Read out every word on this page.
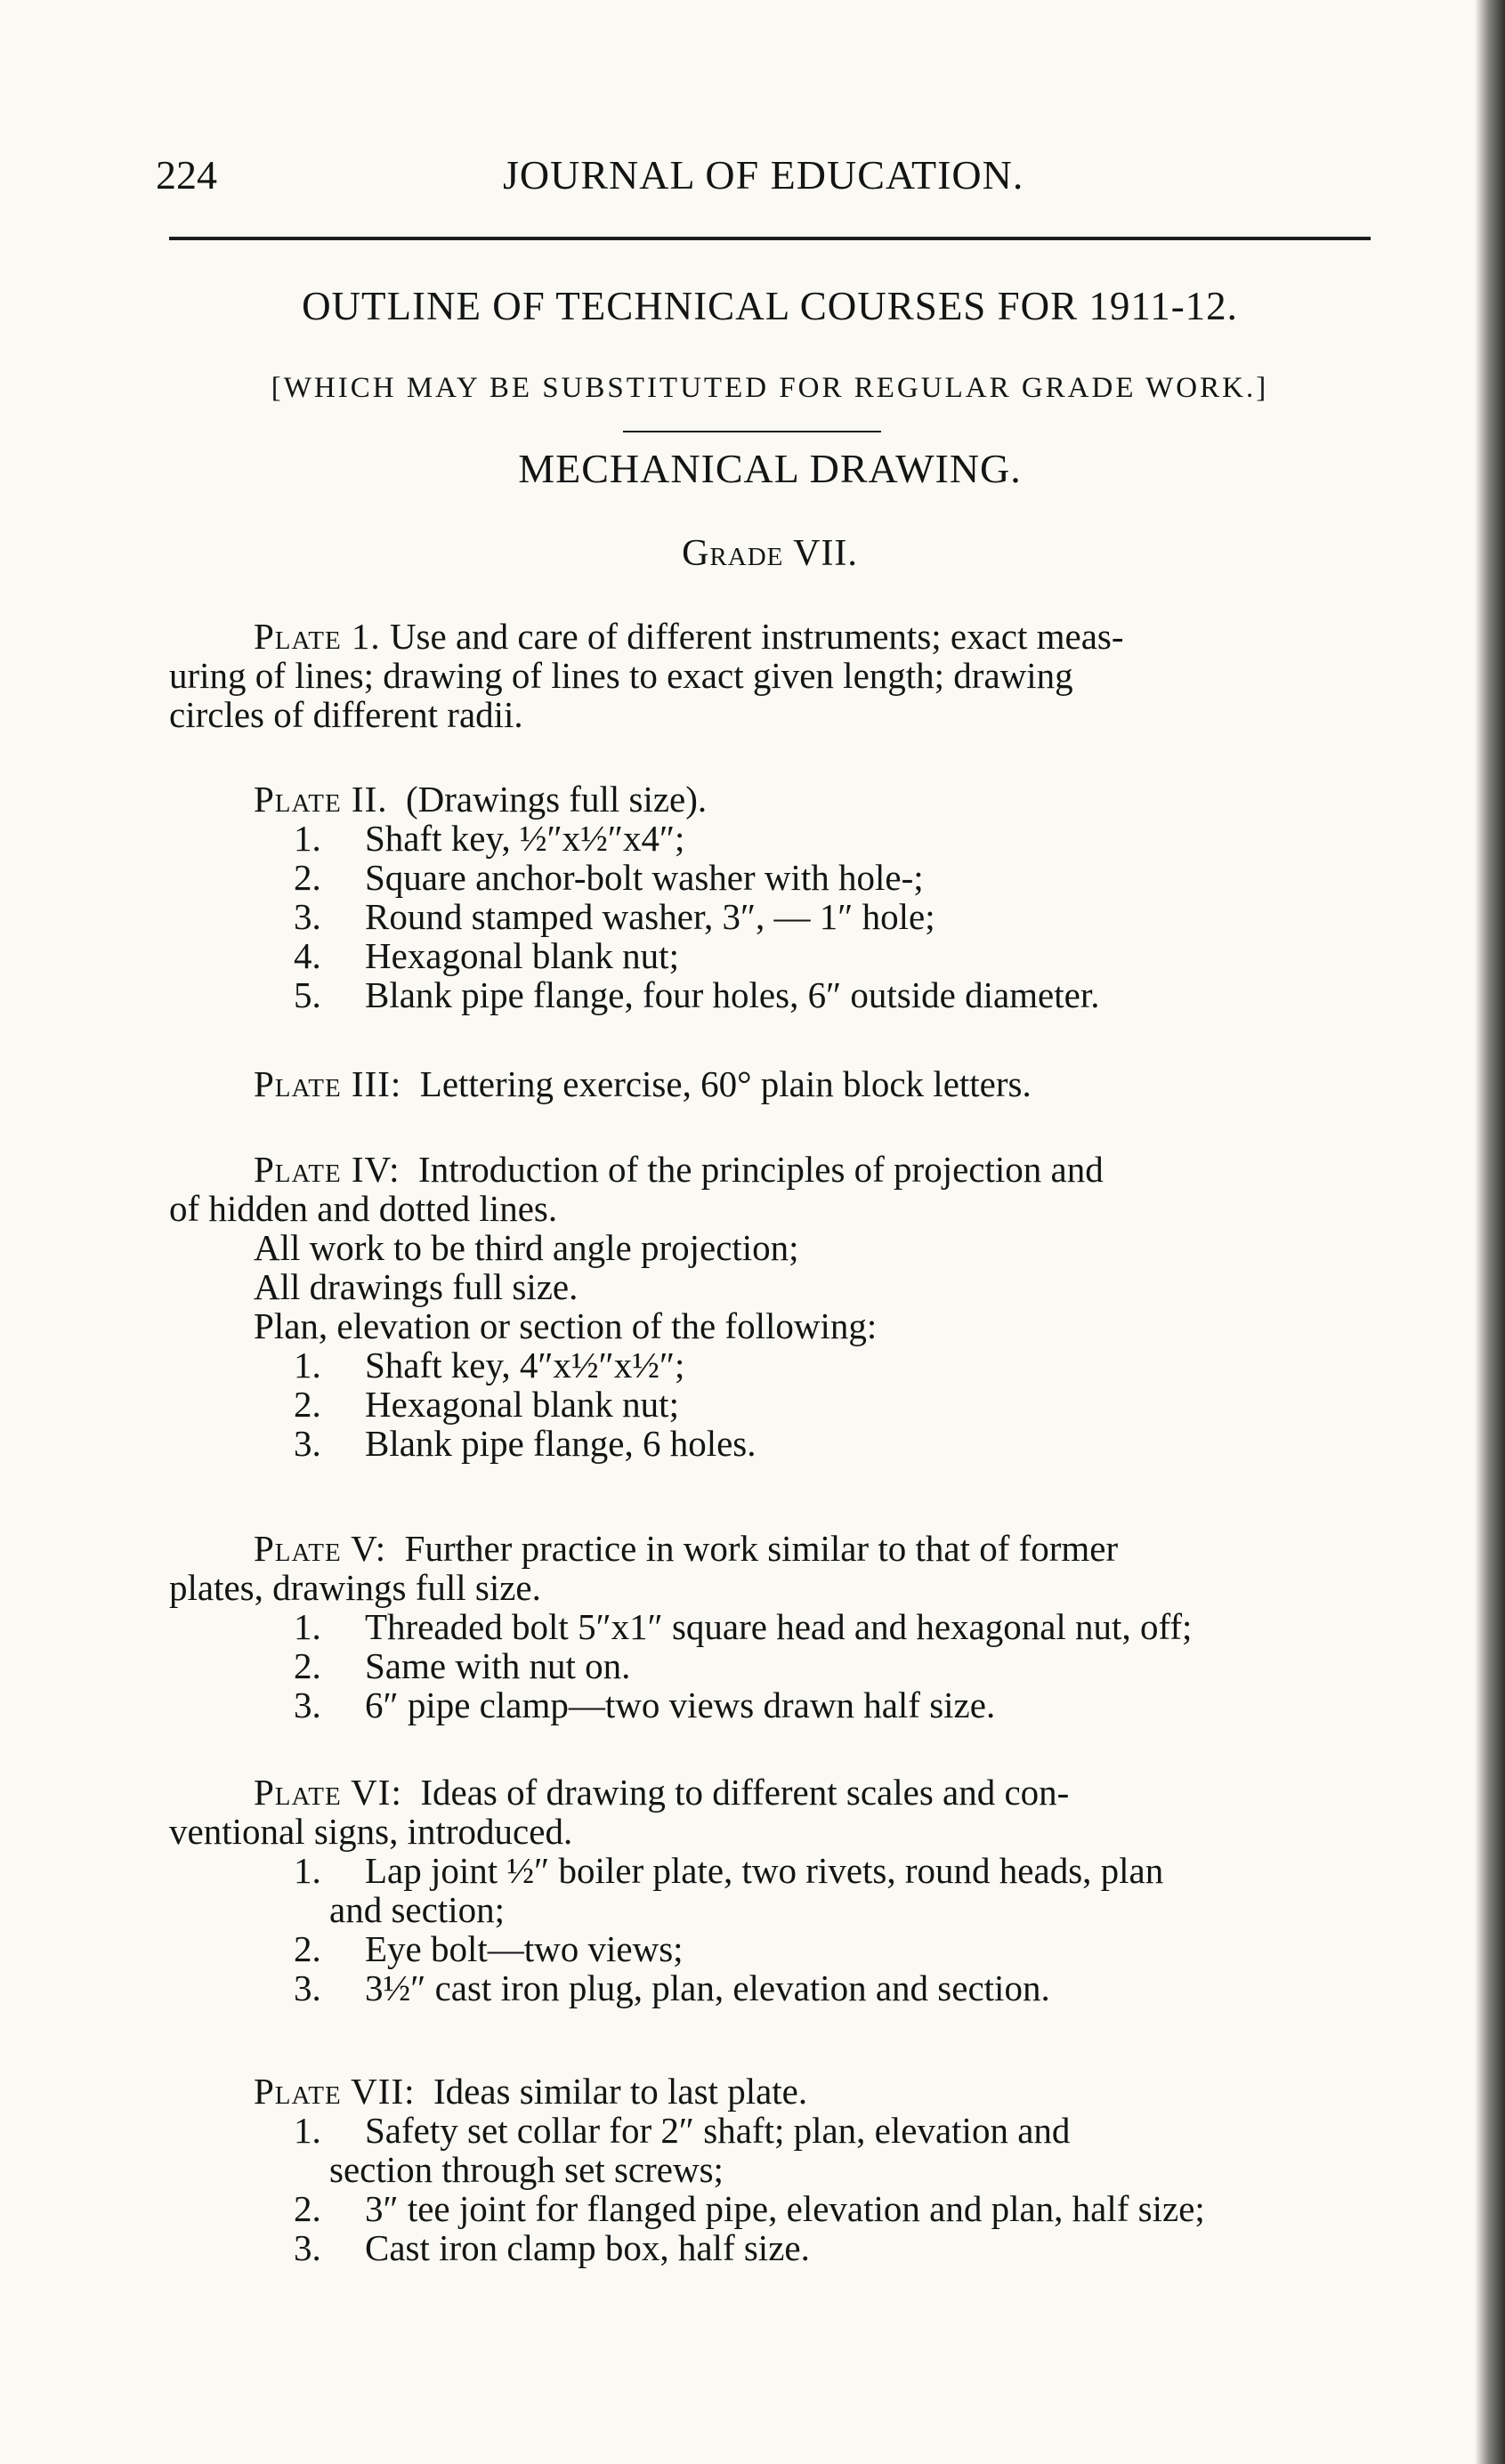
224	JOURNAL OF EDUCATION.
OUTLINE OF TECHNICAL COURSES FOR 1911-12.
[WHICH MAY BE SUBSTITUTED FOR REGULAR GRADE WORK.]
MECHANICAL DRAWING.
Grade VII.
Plate 1. Use and care of different instruments; exact meas-
uring of lines; drawing of lines to exact given length; drawing
circles of different radii.
Plate II. (Drawings full size).
1.	Shaft key, ½″x½″x4″;
2.	Square anchor-bolt washer with hole-;
3.	Round stamped washer, 3″, — 1″ hole;
4.	Hexagonal blank nut;
5.	Blank pipe flange, four holes, 6″ outside diameter.
Plate III: Lettering exercise, 60° plain block letters.
Plate IV: Introduction of the principles of projection and
of hidden and dotted lines.
All work to be third angle projection;
All drawings full size.
Plan, elevation or section of the following:
1.	Shaft key, 4″x½″x½″;
2.	Hexagonal blank nut;
3.	Blank pipe flange, 6 holes.
Plate V: Further practice in work similar to that of former
plates, drawings full size.
1.	Threaded bolt 5″x1″ square head and hexagonal nut, off;
2.	Same with nut on.
3.	6″ pipe clamp—two views drawn half size.
Plate VI: Ideas of drawing to different scales and con-
ventional signs, introduced.
1.	Lap joint ½″ boiler plate, two rivets, round heads, plan
and section;
2.	Eye bolt—two views;
3.	3½″ cast iron plug, plan, elevation and section.
Plate VII: Ideas similar to last plate.
1.	Safety set collar for 2″ shaft; plan, elevation and
section through set screws;
2.	3″ tee joint for flanged pipe, elevation and plan, half size;
3.	Cast iron clamp box, half size.
